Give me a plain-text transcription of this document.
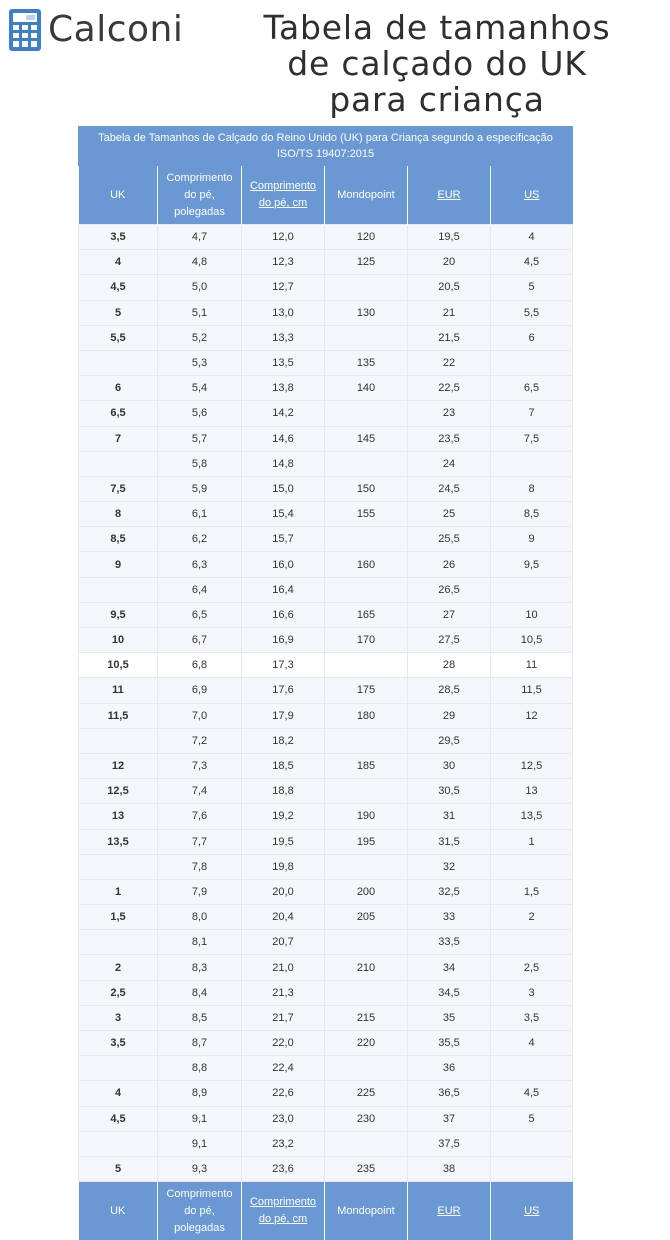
Calconi	Tabela de tamanhos
de calçado do UK
para criança
Tabela de Tamanhos de Calçado do Reino Unido (UK) para Criança segundo a especificação ISO/TS 19407:2015
UK	Comprimento do pé, polegadas	Comprimento do pé, cm	Mondopoint	EUR	US
3,5	4,7	12,0	120	19,5	4
4	4,8	12,3	125	20	4,5
4,5	5,0	12,7		20,5	5
5	5,1	13,0	130	21	5,5
5,5	5,2	13,3		21,5	6
	5,3	13,5	135	22	
6	5,4	13,8	140	22,5	6,5
6,5	5,6	14,2		23	7
7	5,7	14,6	145	23,5	7,5
	5,8	14,8		24	
7,5	5,9	15,0	150	24,5	8
8	6,1	15,4	155	25	8,5
8,5	6,2	15,7		25,5	9
9	6,3	16,0	160	26	9,5
	6,4	16,4		26,5	
9,5	6,5	16,6	165	27	10
10	6,7	16,9	170	27,5	10,5
10,5	6,8	17,3		28	11
11	6,9	17,6	175	28,5	11,5
11,5	7,0	17,9	180	29	12
	7,2	18,2		29,5	
12	7,3	18,5	185	30	12,5
12,5	7,4	18,8		30,5	13
13	7,6	19,2	190	31	13,5
13,5	7,7	19,5	195	31,5	1
	7,8	19,8		32	
1	7,9	20,0	200	32,5	1,5
1,5	8,0	20,4	205	33	2
	8,1	20,7		33,5	
2	8,3	21,0	210	34	2,5
2,5	8,4	21,3		34,5	3
3	8,5	21,7	215	35	3,5
3,5	8,7	22,0	220	35,5	4
	8,8	22,4		36	
4	8,9	22,6	225	36,5	4,5
4,5	9,1	23,0	230	37	5
	9,1	23,2		37,5	
5	9,3	23,6	235	38	
UK	Comprimento do pé, polegadas	Comprimento do pé, cm	Mondopoint	EUR	US
